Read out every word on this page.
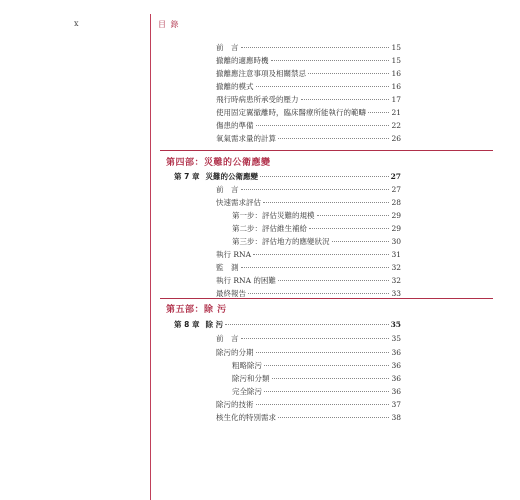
x	目 錄
前　言	15
撤離的適應時機	15
撤離應注意事項及相關禁忌	16
撤離的模式	16
飛行時病患所承受的壓力	17
使用固定翼撤離時，臨床醫療所能執行的範疇	21
傷患的準備	22
氧氣需求量的計算	26
第四部：災難的公衛應變
第 7 章 災難的公衛應變	27
前　言	27
快速需求評估	28
第一步：評估災難的規模	29
第二步：評估維生補給	29
第三步：評估地方的應變狀況	30
執行 RNA	31
監　測	32
執行 RNA 的困難	32
最終報告	33
第五部：除 污
第 8 章 除 污	35
前　言	35
除污的分期	36
粗略除污	36
除污和分類	36
完全除污	36
除污的技術	37
核生化的特別需求	38
